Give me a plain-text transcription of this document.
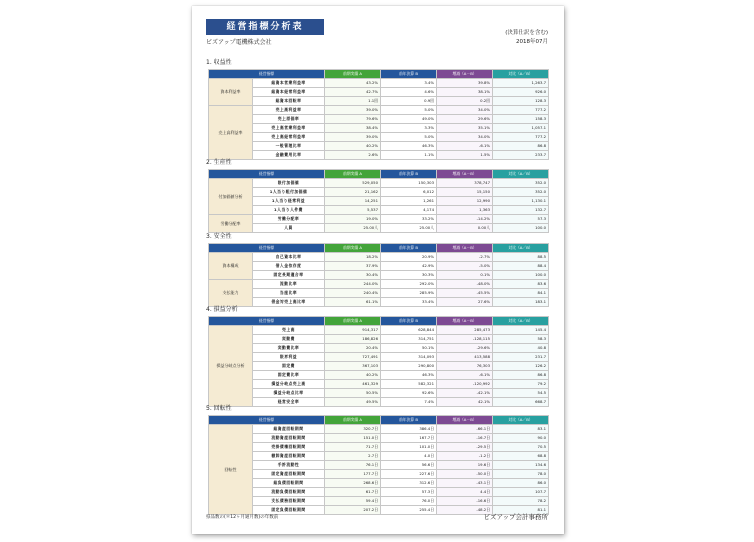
経営指標分析表
ビズアップ電機株式会社
(決算仕訳を含む)
2018年07月
1. 収益性
経営指標		前期実績 A	前年決算 B	増減（A－B）	対比（A／B）
資本利益率	総資本営業利益率	43.2%	3.4%	39.8%	1,263.7
	総資本経常利益率	42.7%	4.6%	38.1%	926.0
	総資本回転率	1.1回	0.9回	0.2回	128.3
売上高利益率	売上高利益率	39.0%	5.0%	34.0%	777.2
	売上原価率	79.6%	49.0%	29.6%	158.3
	売上高営業利益率	38.4%	3.3%	35.1%	1,057.1
	売上高経常利益率	39.0%	5.0%	34.0%	777.2
	一般管理比率	40.2%	46.3%	-6.1%	86.8
	金融費用比率	2.6%	1.1%	1.5%	233.7
2. 生産性
経営指標		前期実績 A	前年決算 B	増減（A－B）	対比（A／B）
付加価値分析	限付加価値	529,050	150,303	378,747	352.0
	1人当り粗付加価値	21,162	6,012	15,150	352.0
	1人当り経常利益	14,251	1,261	12,990	1,130.1
	1人当り人件費	5,537	4,174	1,363	132.7
労働分配率	労働分配率	19.0%	33.2%	-14.2%	57.3
	人員	25.00人	25.00人	0.00人	100.0
3. 安全性
経営指標		前期実績 A	前年決算 B	増減（A－B）	対比（A／B）
資本構成	自己資本比率	18.2%	20.9%	-2.7%	88.5
	借入金依存度	37.9%	42.9%	-5.0%	88.4
	固定長期適合率	30.4%	30.3%	0.1%	100.0
支払能力	流動比率	244.0%	292.0%	-48.0%	83.6
	当座比率	240.4%	285.9%	-45.5%	84.1
	借金対売上高比率	61.1%	33.4%	27.6%	183.1
4. 損益分析
経営指標		前期実績 A	前年決算 B	増減（A－B）	対比（A／B）
損益分岐点分析	売上高	914,317	628,844	285,473	145.4
	変動費	186,826	314,751	-128,115	58.3
	変動費比率	20.4%	50.1%	-29.6%	40.8
	限界利益	727,491	314,093	413,588	231.7
	固定費	367,103	290,800	76,303	126.2
	固定費比率	40.2%	46.3%	-6.1%	86.8
	損益分岐点売上高	461,329	582,321	-120,992	79.2
	損益分岐点比率	50.5%	92.6%	-42.1%	54.5
	経営安全率	49.5%	7.4%	42.1%	668.7
5. 回転性
経営指標		前期実績 A	前年決算 B	増減（A－B）	対比（A／B）
回転性	総資産回転期間	320.7日	386.4日	-66.1日	83.1
	流動資産回転期間	151.0日	167.7日	-16.7日	90.0
	売掛債権回転期間	71.7日	101.0日	-29.5日	70.5
	棚卸資産回転期間	2.7日	4.0日	-1.2日	68.8
	手許流動性	76.1日	56.6日	19.6日	134.6
	固定資産回転期間	177.7日	227.6日	-50.0日	78.0
	総負債回転期間	268.6日	312.6日	-43.1日	86.0
	流動負債回転期間	61.7日	57.3日	4.4日	107.7
	支払債務回転期間	59.4日	76.0日	-16.6日	78.2
	固定負債回転期間	207.2日	255.4日	-48.2日	81.1
県品数の(＊12ヶ月通月数)の年数前	ビズアップ会計事務所
